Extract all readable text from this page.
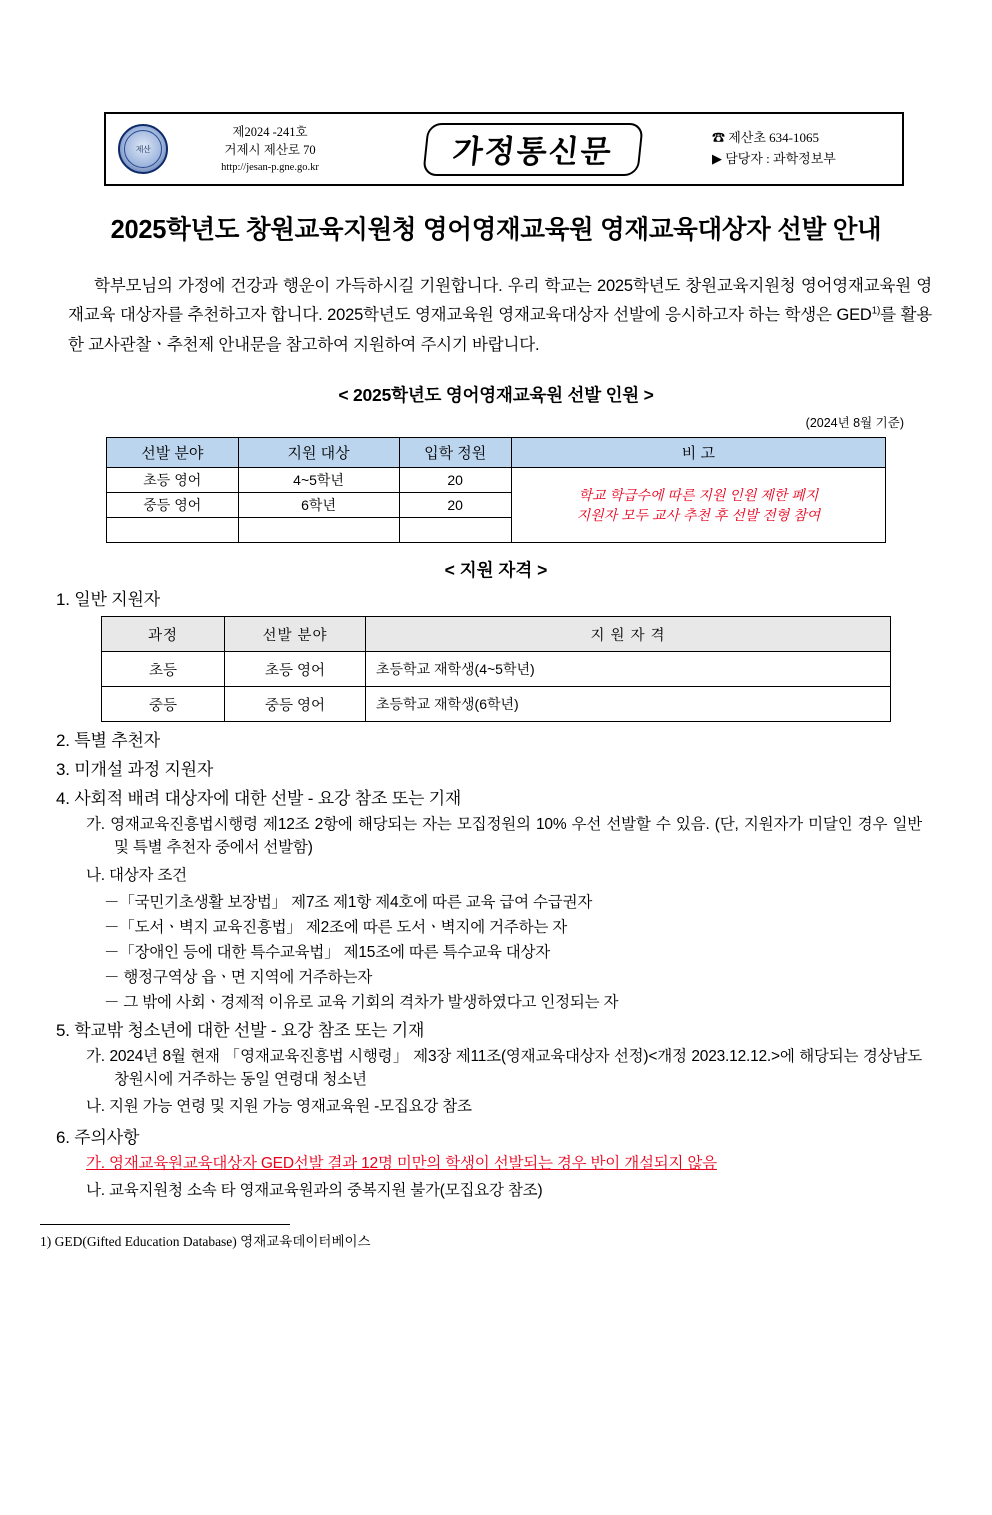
제산
제2024 -241호
거제시 제산로 70
http://jesan-p.gne.go.kr	가정통신문	☎ 제산초 634-1065
▶ 담당자 : 과학정보부
2025학년도 창원교육지원청 영어영재교육원 영재교육대상자 선발 안내

학부모님의 가정에 건강과 행운이 가득하시길 기원합니다. 우리 학교는 2025학년도 창원교육지원청 영어영재교육원 영재교육 대상자를 추천하고자 합니다. 2025학년도 영재교육원 영재교육대상자 선발에 응시하고자 하는 학생은 GED$^{1)}$를 활용한 교사관찰ㆍ추천제 안내문을 참고하여 지원하여 주시기 바랍니다.

< 2025학년도 영어영재교육원 선발 인원 >
(2024년 8월 기준)
선발 분야	지원 대상	입학 정원	비 고
초등 영어	4~5학년	20	학교 학급수에 따른 지원 인원 제한 폐지
지원자 모두 교사 추천 후 선발 전형 참여

중등 영어	6학년	20	

< 지원 자격 >
1. 일반 지원자
과정	선발 분야	지 원 자 격
초등	초등 영어	초등학교 재학생(4~5학년)
중등	중등 영어	초등학교 재학생(6학년)
2. 특별 추천자
3. 미개설 과정 지원자
4. 사회적 배려 대상자에 대한 선발 - 요강 참조 또는 기재
가. 영재교육진흥법시행령 제12조 2항에 해당되는 자는 모집정원의 10% 우선 선발할 수 있음. (단, 지원자가 미달인 경우 일반 및 특별 추천자 중에서 선발함)
나. 대상자 조건
－「국민기초생활 보장법」 제7조 제1항 제4호에 따른 교육 급여 수급권자
－「도서ㆍ벽지 교육진흥법」 제2조에 따른 도서ㆍ벽지에 거주하는 자
－「장애인 등에 대한 특수교육법」 제15조에 따른 특수교육 대상자
－ 행정구역상 읍ㆍ면 지역에 거주하는자
－ 그 밖에 사회ㆍ경제적 이유로 교육 기회의 격차가 발생하였다고 인정되는 자
5. 학교밖 청소년에 대한 선발 - 요강 참조 또는 기재
가. 2024년 8월 현재 「영재교육진흥법 시행령」 제3장 제11조(영재교육대상자 선정)<개정 2023.12.12.>에 해당되는 경상남도 창원시에 거주하는 동일 연령대 청소년
나. 지원 가능 연령 및 지원 가능 영재교육원 -모집요강 참조
6. 주의사항
가. 영재교육원교육대상자 GED선발 결과 12명 미만의 학생이 선발되는 경우 반이 개설되지 않음
나. 교육지원청 소속 타 영재교육원과의 중복지원 불가(모집요강 참조)
1) GED(Gifted Education Database) 영재교육데이터베이스
